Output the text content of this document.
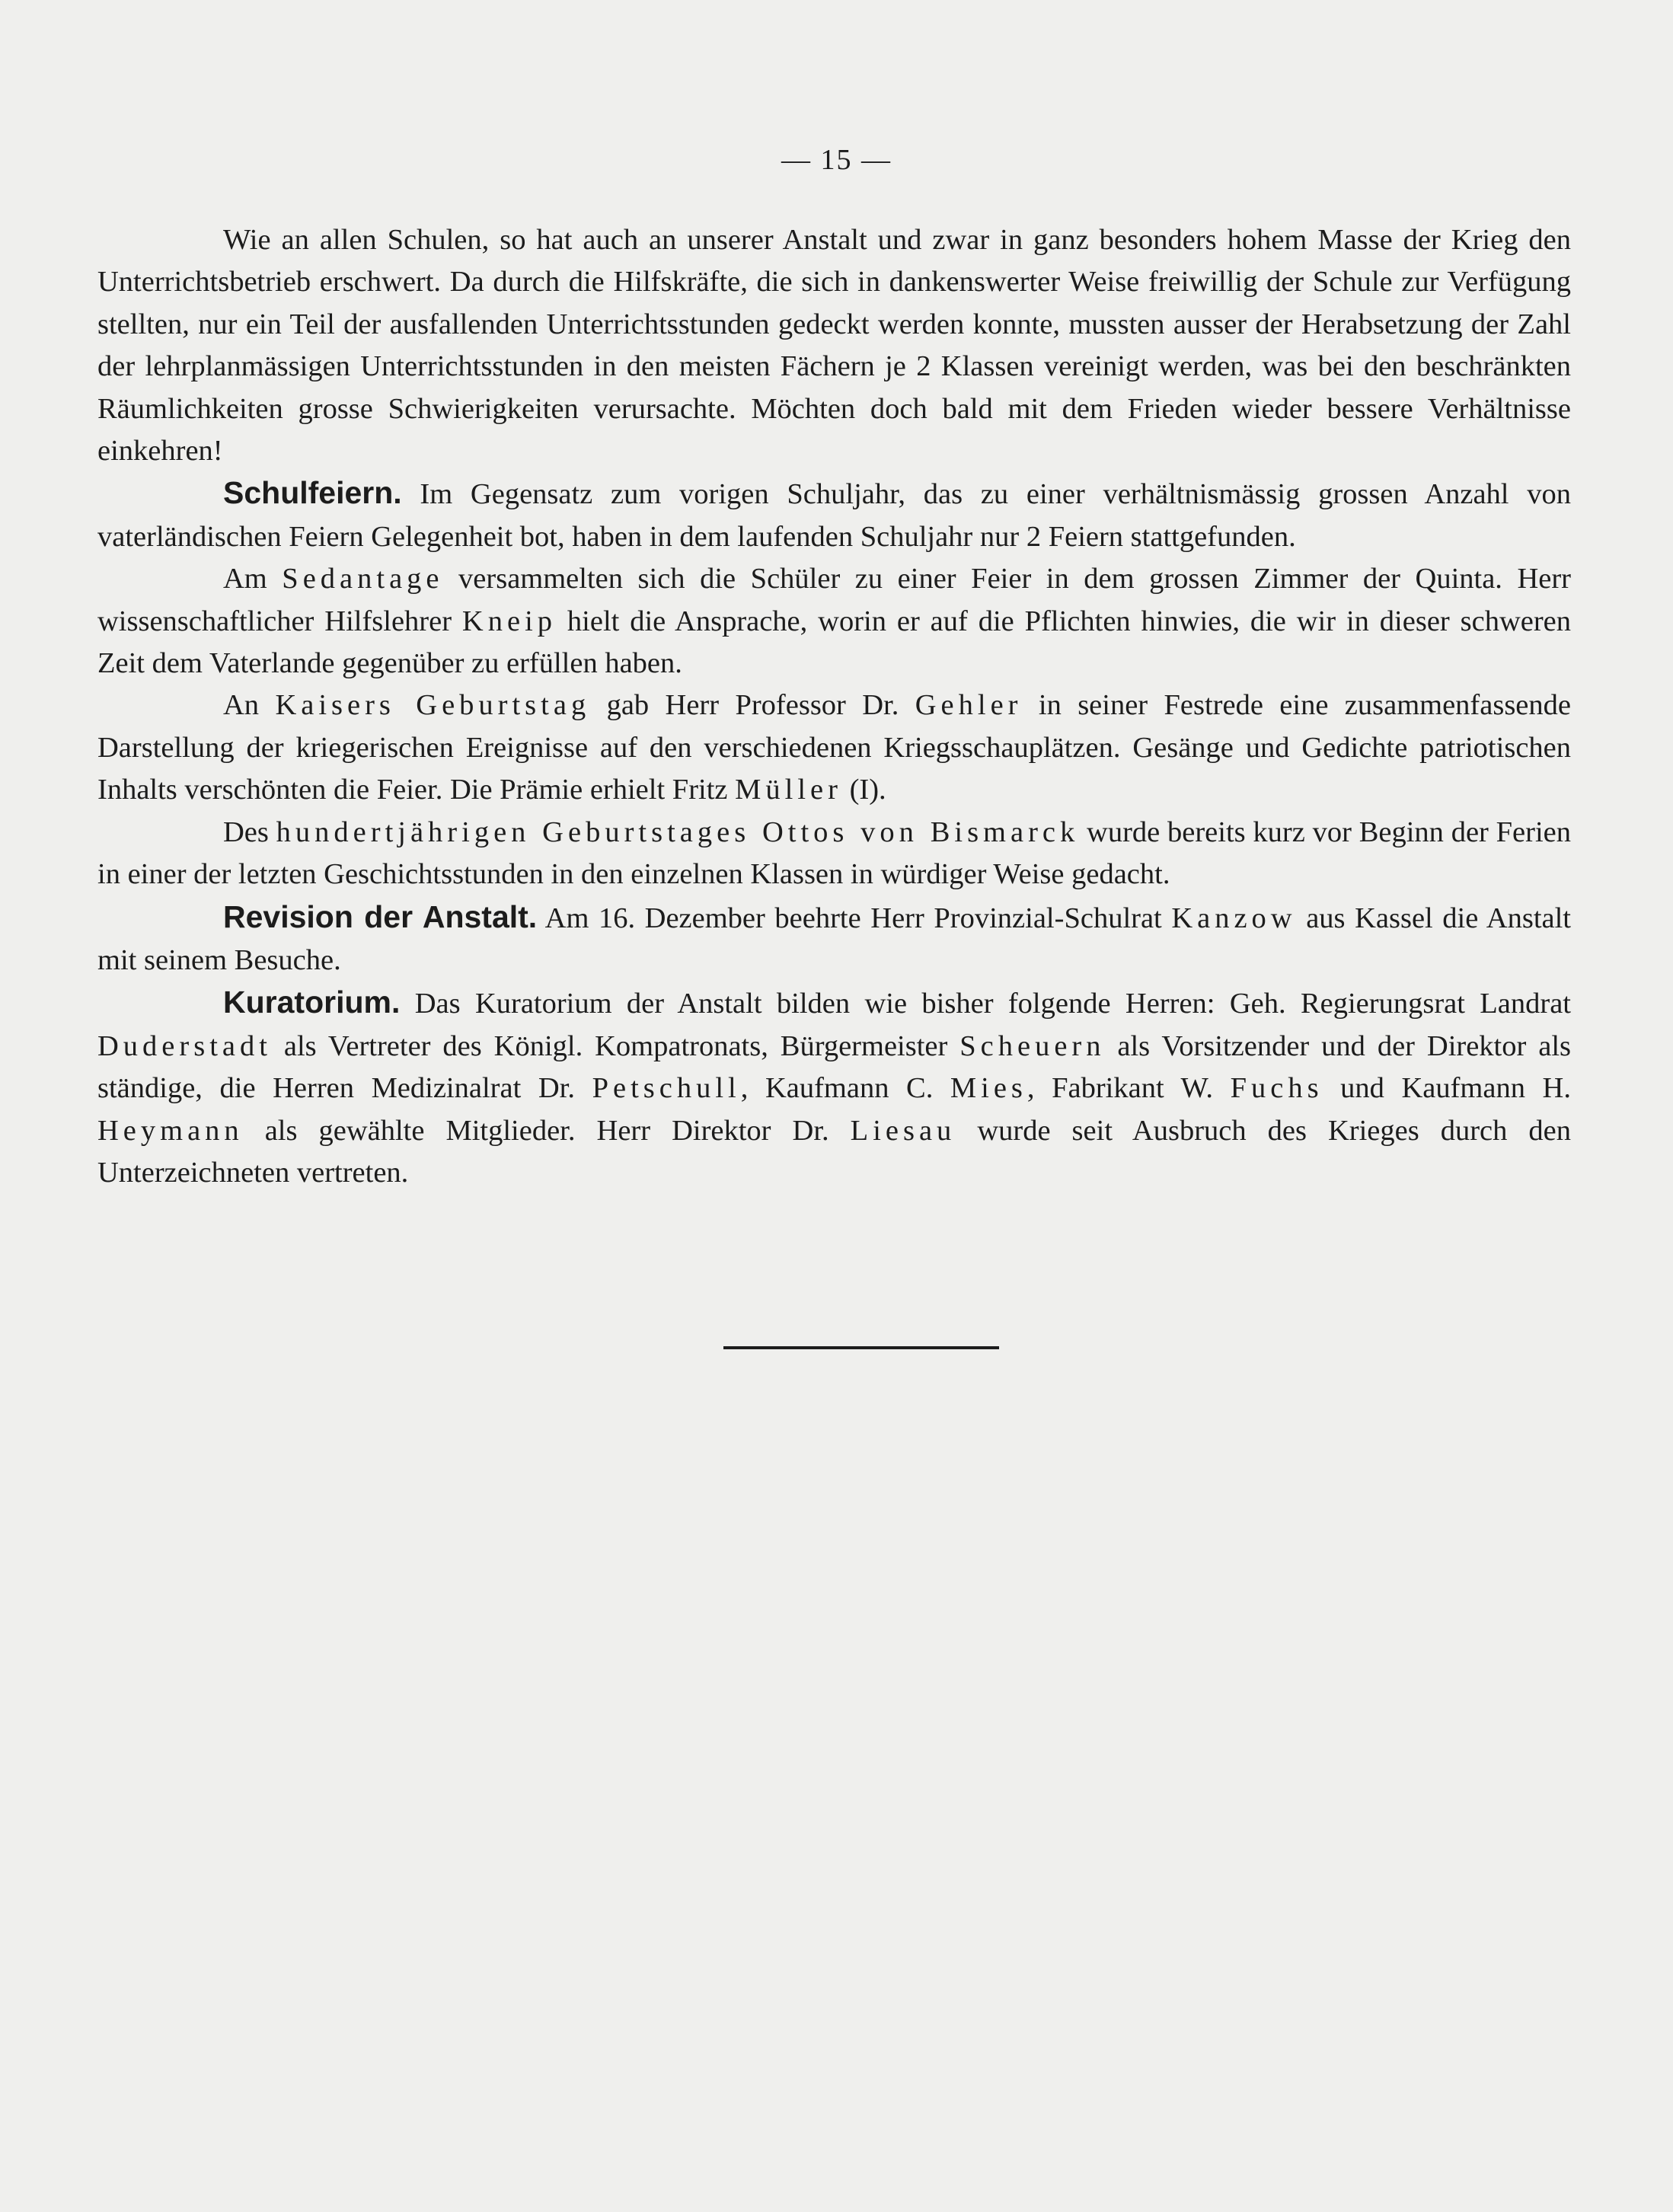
— 15 —

Wie an allen Schulen, so hat auch an unserer Anstalt und zwar in ganz besonders hohem Masse der Krieg den Unterrichtsbetrieb erschwert. Da durch die Hilfskräfte, die sich in dankenswerter Weise freiwillig der Schule zur Verfügung stellten, nur ein Teil der ausfallenden Unterrichtsstunden gedeckt werden konnte, mussten ausser der Herabsetzung der Zahl der lehrplanmässigen Unterrichtsstunden in den meisten Fächern je 2 Klassen vereinigt werden, was bei den beschränkten Räumlichkeiten grosse Schwierigkeiten verursachte. Möchten doch bald mit dem Frieden wieder bessere Verhältnisse einkehren!

Schulfeiern. Im Gegensatz zum vorigen Schuljahr, das zu einer verhältnismässig grossen Anzahl von vaterländischen Feiern Gelegenheit bot, haben in dem laufenden Schuljahr nur 2 Feiern stattgefunden.

Am Sedantage versammelten sich die Schüler zu einer Feier in dem grossen Zimmer der Quinta. Herr wissenschaftlicher Hilfslehrer Kneip hielt die Ansprache, worin er auf die Pflichten hinwies, die wir in dieser schweren Zeit dem Vaterlande gegenüber zu erfüllen haben.

An Kaisers Geburtstag gab Herr Professor Dr. Gehler in seiner Festrede eine zusammenfassende Darstellung der kriegerischen Ereignisse auf den verschiedenen Kriegsschauplätzen. Gesänge und Gedichte patriotischen Inhalts verschönten die Feier. Die Prämie erhielt Fritz Müller (I).

Des hundertjährigen Geburtstages Ottos von Bismarck wurde bereits kurz vor Beginn der Ferien in einer der letzten Geschichtsstunden in den einzelnen Klassen in würdiger Weise gedacht.

Revision der Anstalt. Am 16. Dezember beehrte Herr Provinzial-Schulrat Kanzow aus Kassel die Anstalt mit seinem Besuche.

Kuratorium. Das Kuratorium der Anstalt bilden wie bisher folgende Herren: Geh. Regierungsrat Landrat Duderstadt als Vertreter des Königl. Kompatronats, Bürgermeister Scheuern als Vorsitzender und der Direktor als ständige, die Herren Medizinalrat Dr. Petschull, Kaufmann C. Mies, Fabrikant W. Fuchs und Kaufmann H. Heymann als gewählte Mitglieder. Herr Direktor Dr. Liesau wurde seit Ausbruch des Krieges durch den Unterzeichneten vertreten.
